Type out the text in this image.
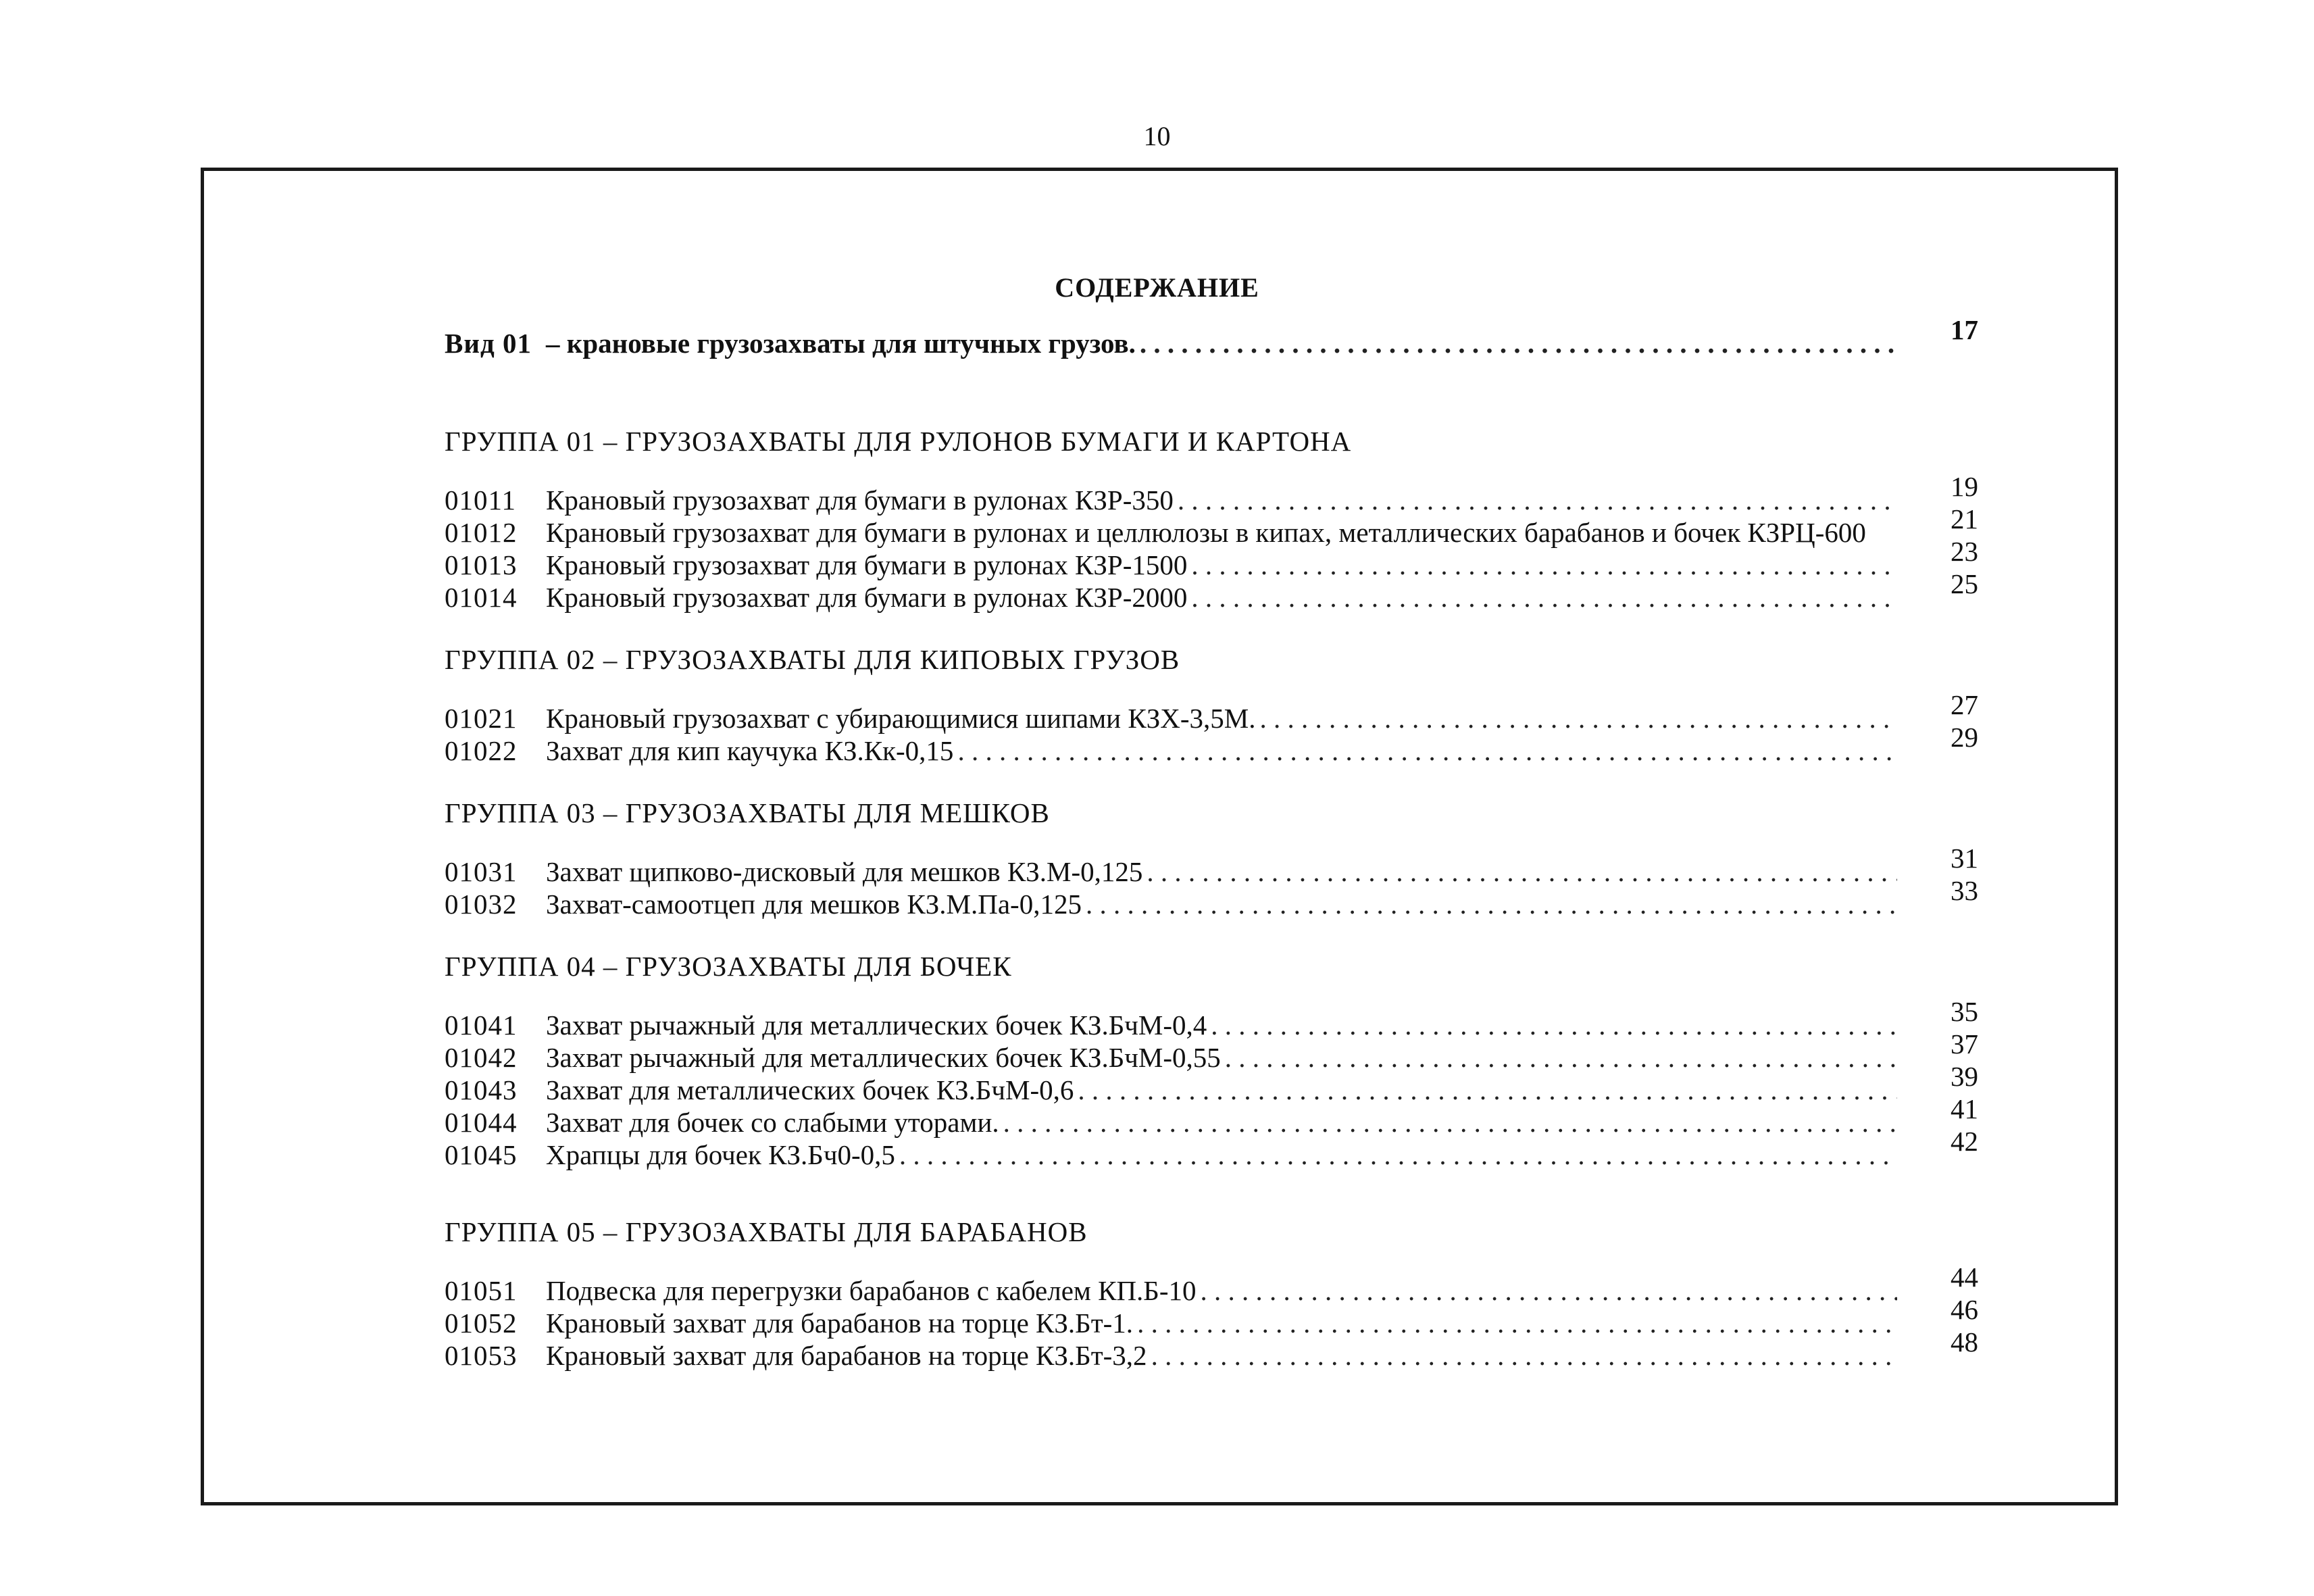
10
СОДЕРЖАНИЕ
Вид 01 – крановые грузозахваты для штучных грузов. . . .	17
ГРУППА 01 – ГРУЗОЗАХВАТЫ ДЛЯ РУЛОНОВ БУМАГИ И КАРТОНА
01011	Крановый грузозахват для бумаги в рулонах КЗР-350 . . .	19
01012	Крановый грузозахват для бумаги в рулонах и целлюлозы в кипах, металлических барабанов и бочек КЗРЦ-600	21
01013	Крановый грузозахват для бумаги в рулонах КЗР-1500 . . .	23
01014	Крановый грузозахват для бумаги в рулонах КЗР-2000 . . .	25
ГРУППА 02 – ГРУЗОЗАХВАТЫ ДЛЯ КИПОВЫХ ГРУЗОВ
01021	Крановый грузозахват с убирающимися шипами КЗХ-3,5М. . . .	27
01022	Захват для кип каучука КЗ.Кк-0,15 . . .	29
ГРУППА 03 – ГРУЗОЗАХВАТЫ ДЛЯ МЕШКОВ
01031	Захват щипково-дисковый для мешков КЗ.М-0,125 . . .	31
01032	Захват-самоотцеп для мешков КЗ.М.Па-0,125 . . .	33
ГРУППА 04 – ГРУЗОЗАХВАТЫ ДЛЯ БОЧЕК
01041	Захват рычажный для металлических бочек КЗ.БчМ-0,4 . . .	35
01042	Захват рычажный для металлических бочек КЗ.БчМ-0,55 . . .	37
01043	Захват для металлических бочек КЗ.БчМ-0,6 . . .	39
01044	Захват для бочек со слабыми уторами. . . .	41
01045	Храпцы для бочек КЗ.Бч0-0,5 . . .	42
ГРУППА 05 – ГРУЗОЗАХВАТЫ ДЛЯ БАРАБАНОВ
01051	Подвеска для перегрузки барабанов с кабелем КП.Б-10 . . .	44
01052	Крановый захват для барабанов на торце КЗ.Бт-1. . . .	46
01053	Крановый захват для барабанов на торце КЗ.Бт-3,2 . . .	48
